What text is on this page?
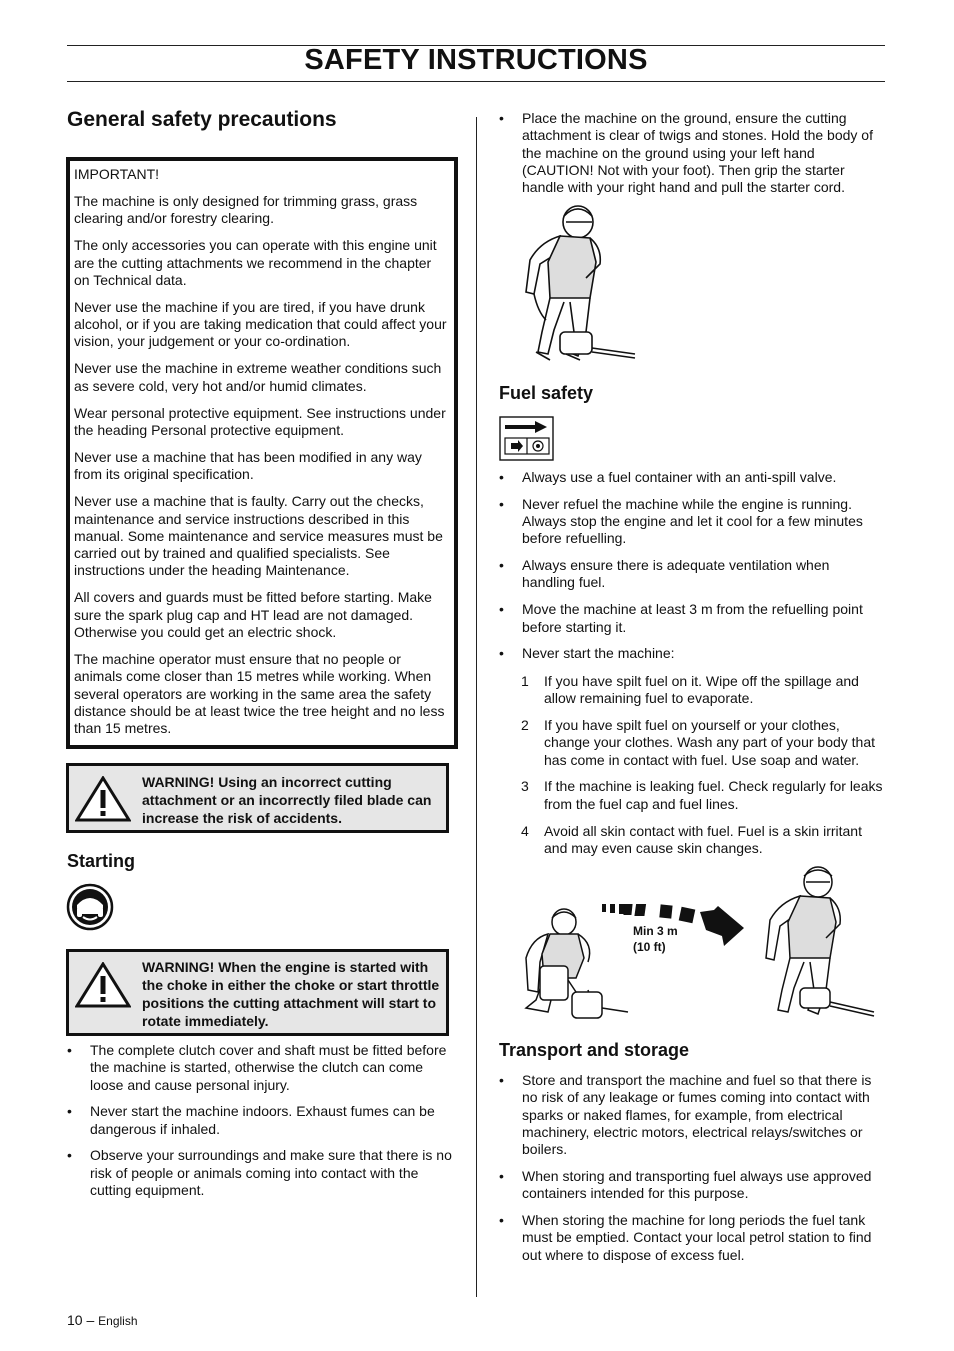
SAFETY INSTRUCTIONS
General safety precautions

IMPORTANT!

The machine is only designed for trimming grass, grass clearing and/or forestry clearing.

The only accessories you can operate with this engine unit are the cutting attachments we recommend in the chapter on Technical data.

Never use the machine if you are tired, if you have drunk alcohol, or if you are taking medication that could affect your vision, your judgement or your co-ordination.

Never use the machine in extreme weather conditions such as severe cold, very hot and/or humid climates.

Wear personal protective equipment. See instructions under the heading Personal protective equipment.

Never use a machine that has been modified in any way from its original specification.

Never use a machine that is faulty. Carry out the checks, maintenance and service instructions described in this manual. Some maintenance and service measures must be carried out by trained and qualified specialists. See instructions under the heading Maintenance.

All covers and guards must be fitted before starting. Make sure the spark plug cap and HT lead are not damaged. Otherwise you could get an electric shock.

The machine operator must ensure that no people or animals come closer than 15 metres while working. When several operators are working in the same area the safety distance should be at least twice the tree height and no less than 15 metres.

WARNING! Using an incorrect cutting attachment or an incorrectly filed blade can increase the risk of accidents.
Starting
WARNING! When the engine is started with the choke in either the choke or start throttle positions the cutting attachment will start to rotate immediately.
• The complete clutch cover and shaft must be fitted before the machine is started, otherwise the clutch can come loose and cause personal injury.
• Never start the machine indoors. Exhaust fumes can be dangerous if inhaled.
• Observe your surroundings and make sure that there is no risk of people or animals coming into contact with the cutting equipment.
• Place the machine on the ground, ensure the cutting attachment is clear of twigs and stones. Hold the body of the machine on the ground using your left hand (CAUTION! Not with your foot). Then grip the starter handle with your right hand and pull the starter cord.
Fuel safety
• Always use a fuel container with an anti-spill valve.
• Never refuel the machine while the engine is running. Always stop the engine and let it cool for a few minutes before refuelling.
• Always ensure there is adequate ventilation when handling fuel.
• Move the machine at least 3 m from the refuelling point before starting it.
• Never start the machine:
1 If you have spilt fuel on it. Wipe off the spillage and allow remaining fuel to evaporate.
2 If you have spilt fuel on yourself or your clothes, change your clothes. Wash any part of your body that has come in contact with fuel. Use soap and water.
3 If the machine is leaking fuel. Check regularly for leaks from the fuel cap and fuel lines.
4 Avoid all skin contact with fuel. Fuel is a skin irritant and may even cause skin changes.
Min 3 m
(10 ft)
Transport and storage
• Store and transport the machine and fuel so that there is no risk of any leakage or fumes coming into contact with sparks or naked flames, for example, from electrical machinery, electric motors, electrical relays/switches or boilers.
• When storing and transporting fuel always use approved containers intended for this purpose.
• When storing the machine for long periods the fuel tank must be emptied. Contact your local petrol station to find out where to dispose of excess fuel.
10 – English
